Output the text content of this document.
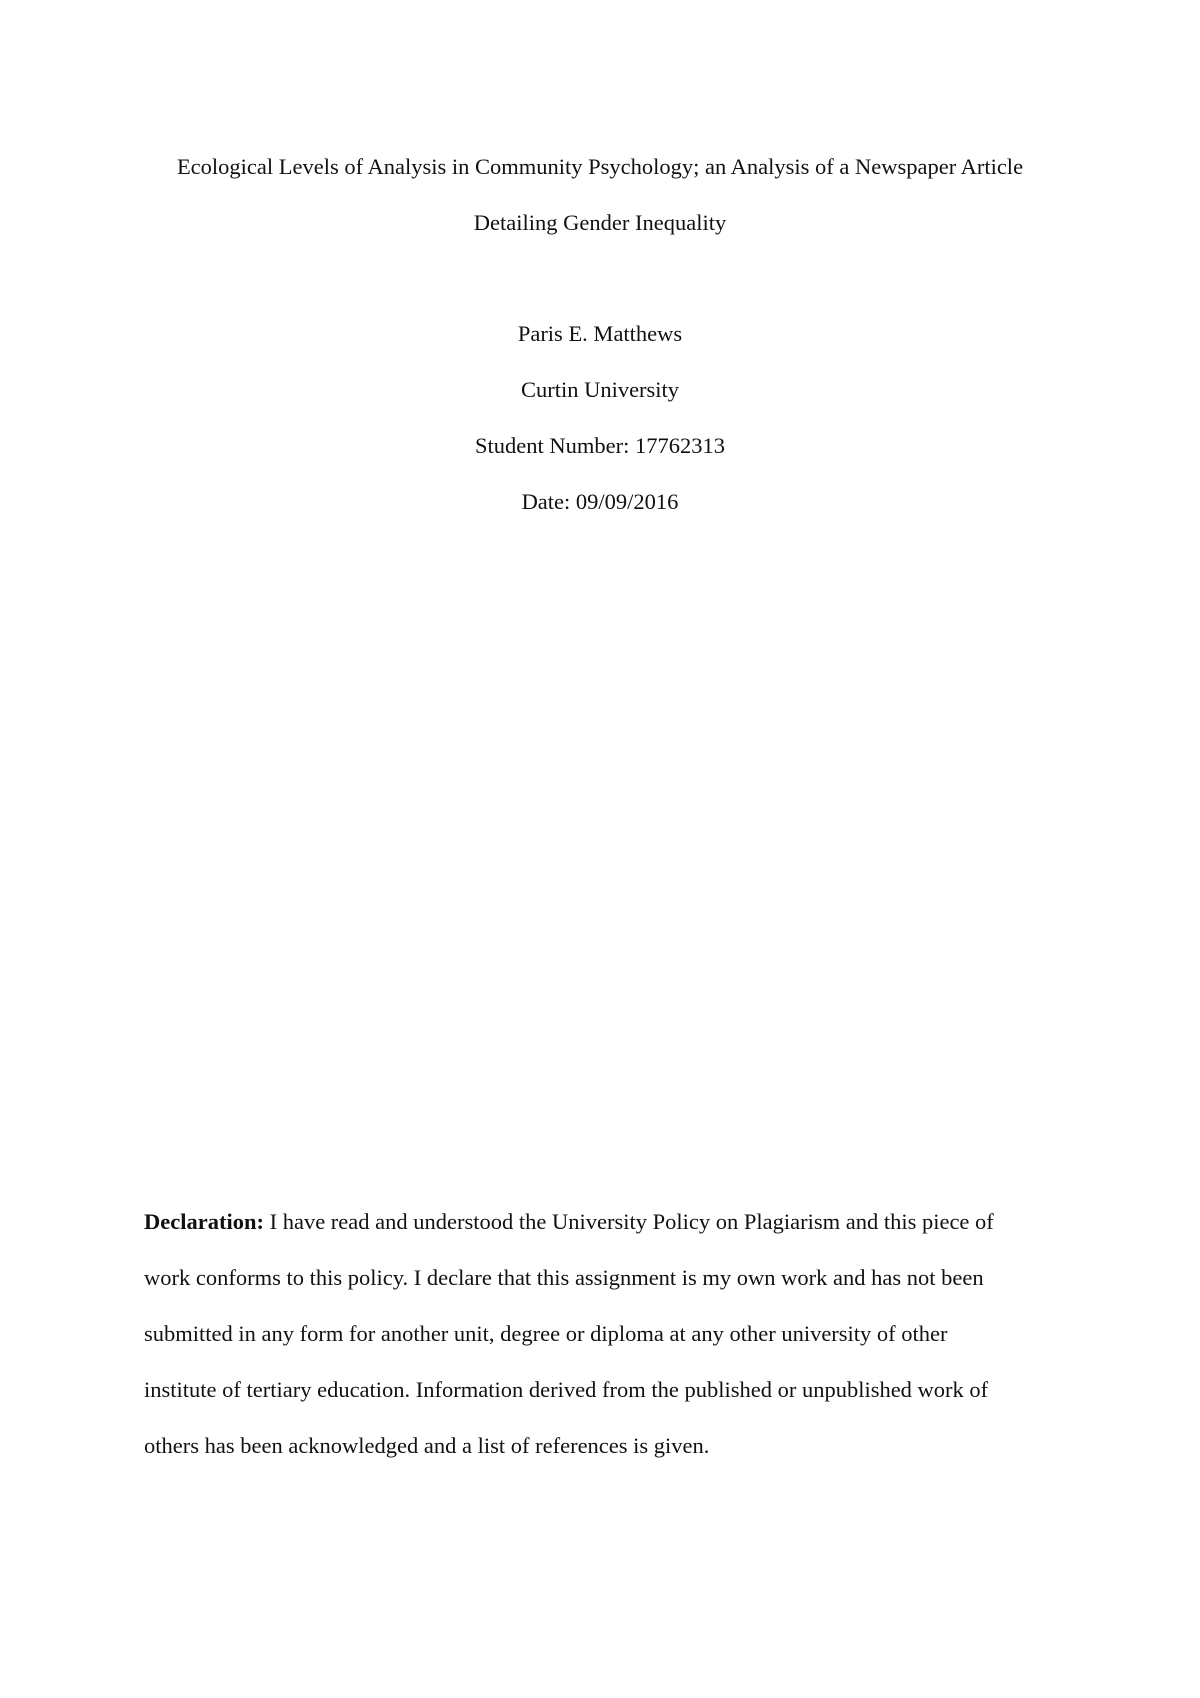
Ecological Levels of Analysis in Community Psychology; an Analysis of a Newspaper Article
Detailing Gender Inequality
Paris E. Matthews
Curtin University
Student Number: 17762313
Date: 09/09/2016
Declaration: I have read and understood the University Policy on Plagiarism and this piece of
work conforms to this policy. I declare that this assignment is my own work and has not been
submitted in any form for another unit, degree or diploma at any other university of other
institute of tertiary education. Information derived from the published or unpublished work of
others has been acknowledged and a list of references is given.
